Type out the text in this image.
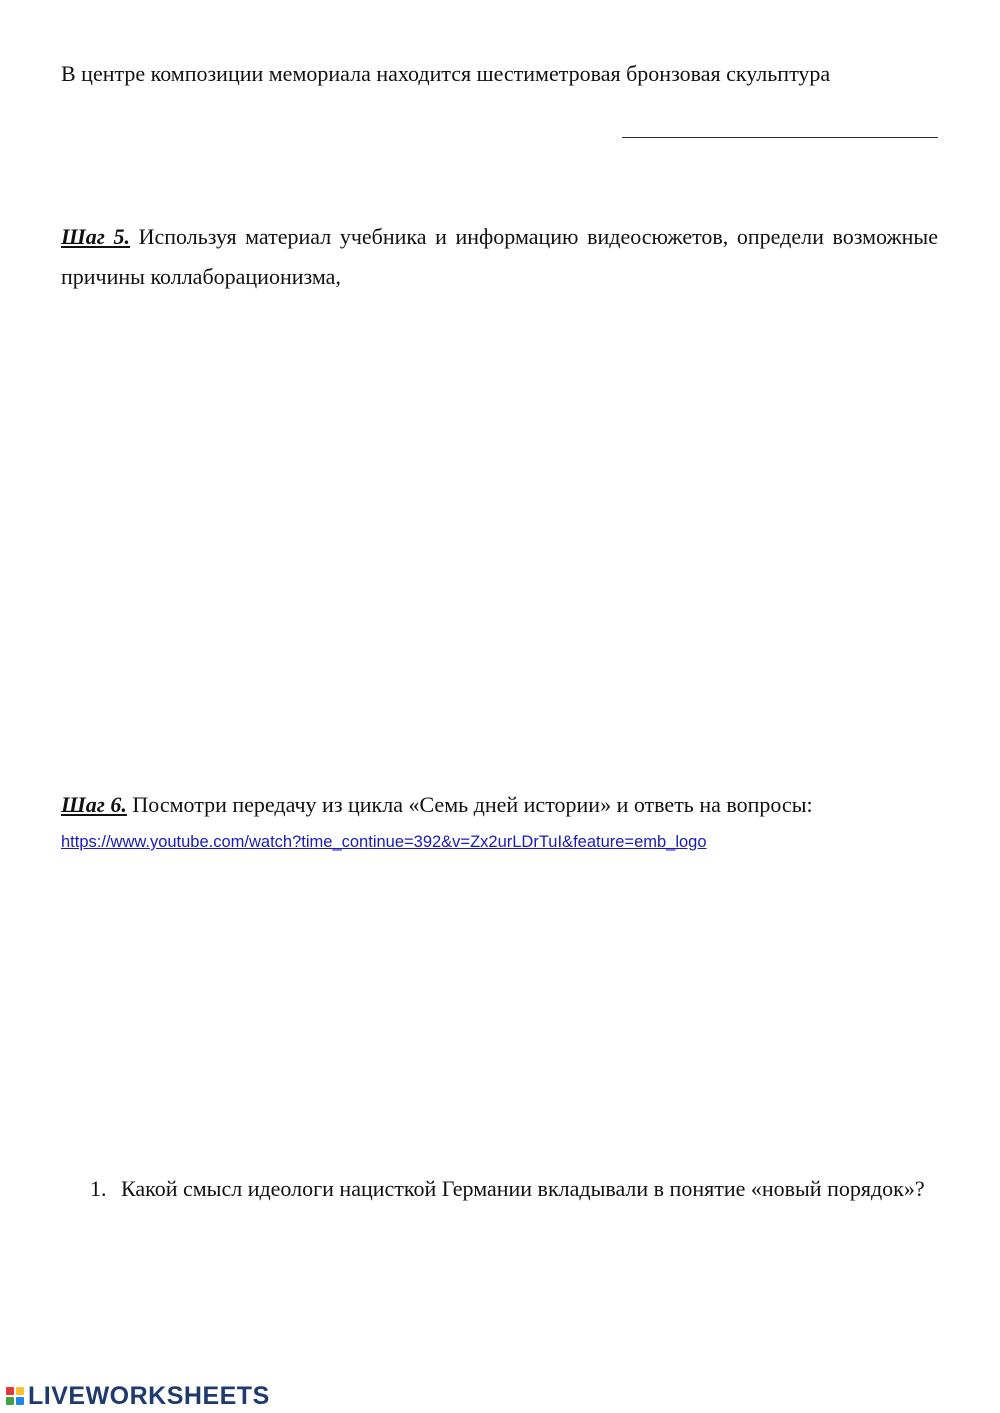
В центре композиции мемориала находится шестиметровая бронзовая скульптура
Шаг 5. Используя материал учебника и информацию видеосюжетов, определи возможные причины коллаборационизма,
Шаг 6. Посмотри передачу из цикла «Семь дней истории» и ответь на вопросы:
https://www.youtube.com/watch?time_continue=392&v=Zx2urLDrTuI&feature=emb_logo
1. Какой смысл идеологи нацисткой Германии вкладывали в понятие «новый порядок»?
LIVEWORKSHEETS
